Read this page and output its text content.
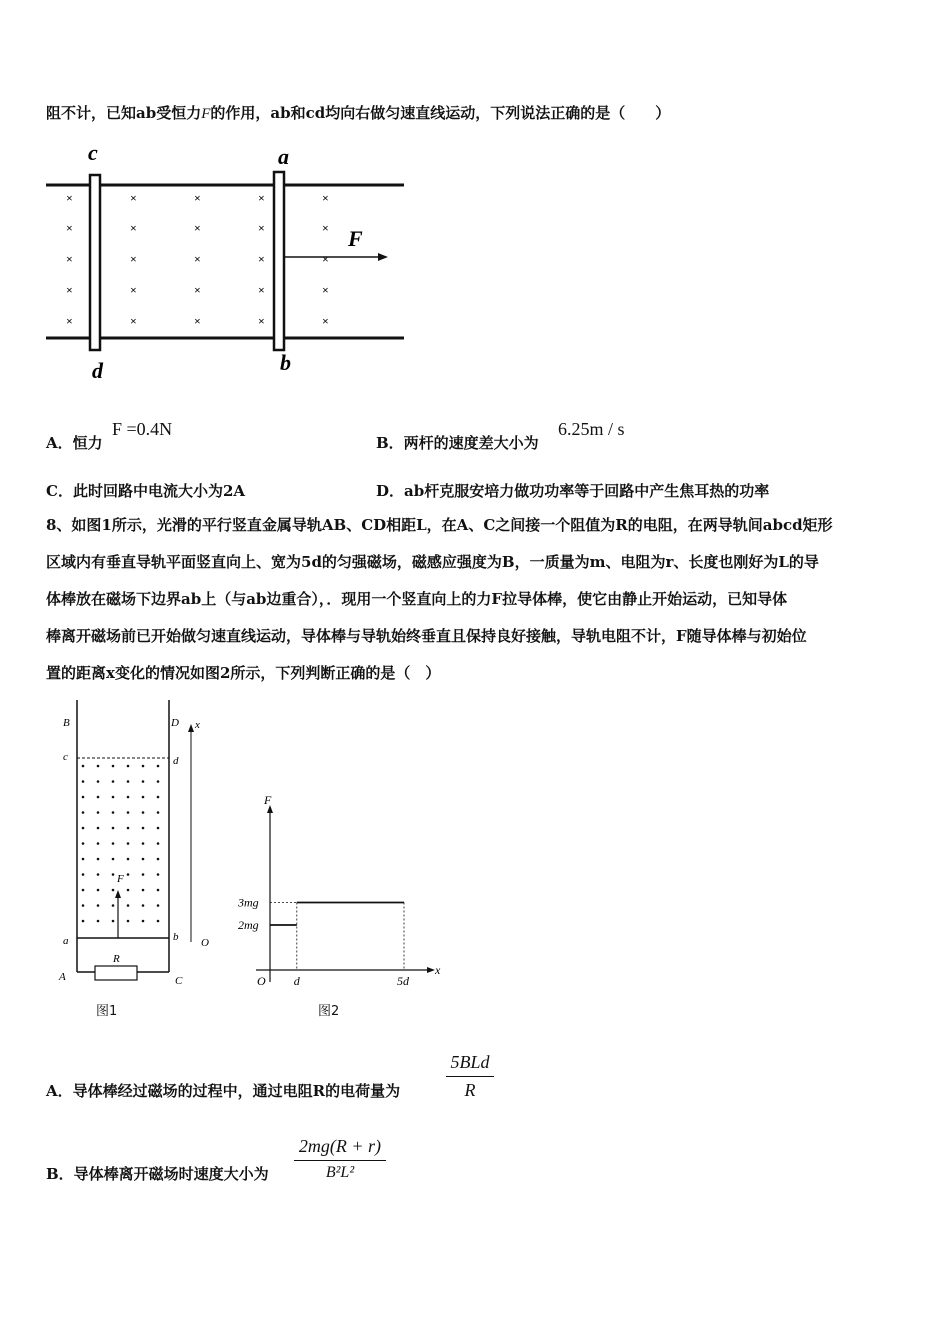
阻不计，已知ab受恒力F的作用，ab和cd均向右做匀速直线运动，下列说法正确的是（　　）
×
×
×
×
×
×
×
×
×
×
×
×
×
×
×
×
×
×
×
×
×
×
×
×
×
c	a
d	b
F
A．恒力
F =0.4N
B．两杆的速度差大小为
6.25m / s
C．此时回路中电流大小为2A	D．ab杆克服安培力做功功率等于回路中产生焦耳热的功率
8、如图1所示，光滑的平行竖直金属导轨AB、CD相距L，在A、C之间接一个阻值为R的电阻，在两导轨间abcd矩形
区域内有垂直导轨平面竖直向上、宽为5d的匀强磁场，磁感应强度为B，一质量为m、电阻为r、长度也刚好为L的导
体棒放在磁场下边界ab上（与ab边重合），．现用一个竖直向上的力F拉导体棒，使它由静止开始运动，已知导体
棒离开磁场前已开始做匀速直线运动，导体棒与导轨始终垂直且保持良好接触，导轨电阻不计，F随导体棒与初始位
置的距离x变化的情况如图2所示，下列判断正确的是（　）
B	D x
c	d
F
a	b O
R
A	C
图1
3mg
2mg
d	5d
F
O
x
图2
A．导体棒经过磁场的过程中，通过电阻R的电荷量为
5BLd
R
B．导体棒离开磁场时速度大小为
2mg(R + r)
B²L²
